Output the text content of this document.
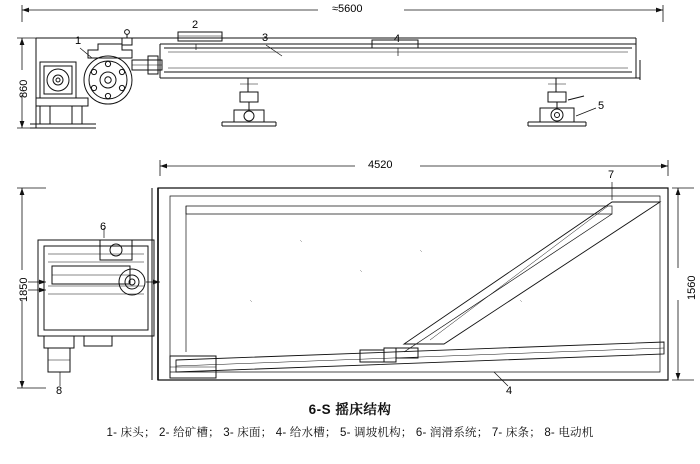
≈5600
860
4520
1850	1560
1
2
3	4
5
6
7
8	4
6-S 摇床结构
1- 床头； 2- 给矿槽； 3- 床面； 4- 给水槽； 5- 调坡机构； 6- 润滑系统； 7- 床条； 8- 电动机
